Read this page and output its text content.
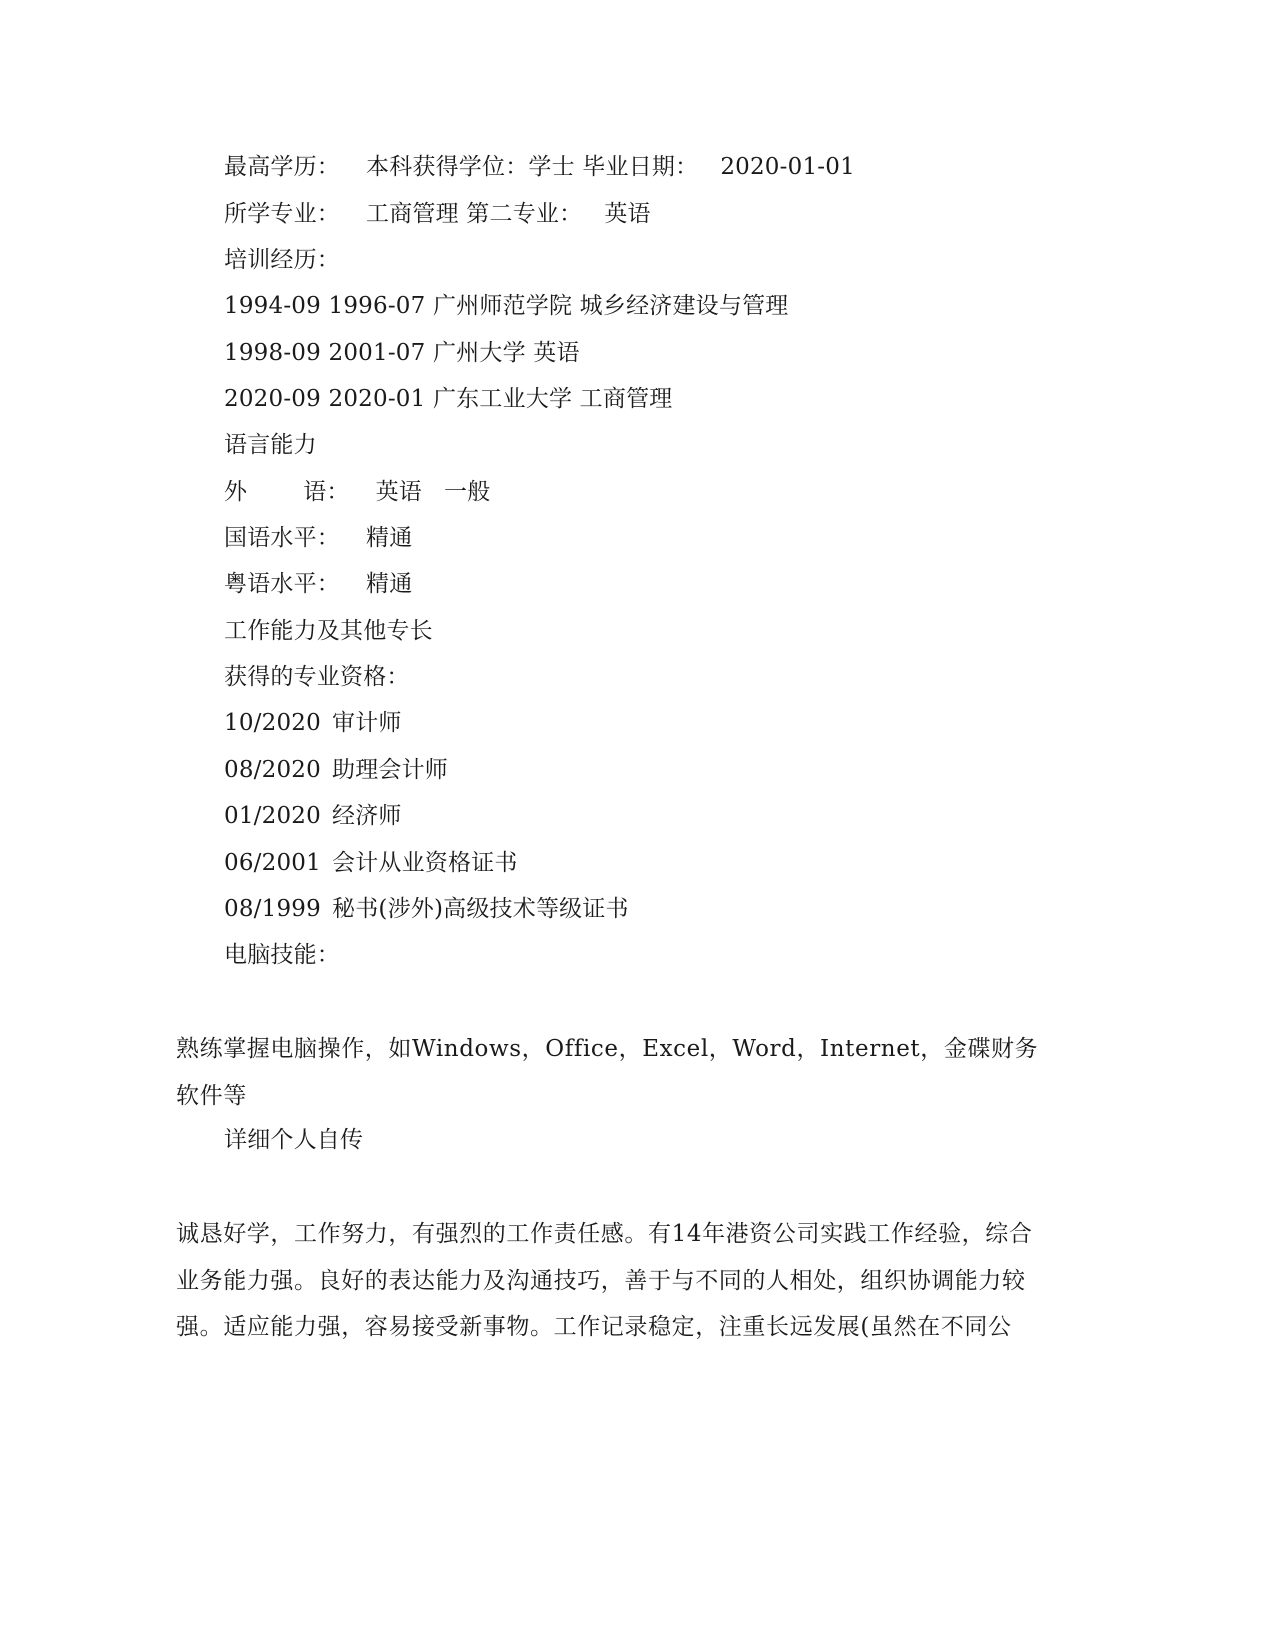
最高学历： 本科获得学位：学士 毕业日期： 2020-01-01
所学专业： 工商管理 第二专业： 英语
培训经历：
1994-09 1996-07 广州师范学院 城乡经济建设与管理
1998-09 2001-07 广州大学 英语
2020-09 2020-01 广东工业大学 工商管理
语言能力
外 语： 英语 一般
国语水平： 精通
粤语水平： 精通
工作能力及其他专长
获得的专业资格：
10/2020 审计师
08/2020 助理会计师
01/2020 经济师
06/2001 会计从业资格证书
08/1999 秘书(涉外)高级技术等级证书
电脑技能：
熟练掌握电脑操作，如Windows，Office，Excel，Word，Internet，金碟财务软件等
详细个人自传
诚恳好学，工作努力，有强烈的工作责任感。有14年港资公司实践工作经验，综合业务能力强。良好的表达能力及沟通技巧，善于与不同的人相处，组织协调能力较强。适应能力强，容易接受新事物。工作记录稳定，注重长远发展(虽然在不同公
